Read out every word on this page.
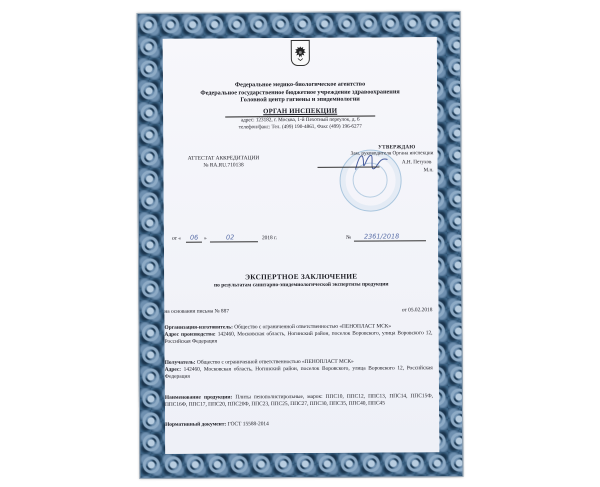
Федеральное медико-биологическое агентство
Федеральное государственное бюджетное учреждение здравоохранения
Головной центр гигиены и эпидемиологии
ОРГАН ИНСПЕКЦИИ
адрес: 123182, г. Москва, 1-й Пехотный переулок, д. 6
телефон/факс: Тел. (499) 190-4861, Факс (499) 196-6277
АТТЕСТАТ АККРЕДИТАЦИИ
№ RA.RU.710138
УТВЕРЖДАЮ
Зам. руководителя Органа инспекции
А.Н. Петухов
М.п.
от « 06 »	02	2018 г.	№ 2361/2018
ЭКСПЕРТНОЕ ЗАКЛЮЧЕНИЕ
по результатам санитарно-эпидемиологической экспертизы продукции
на основании письма № 887	от 05.02.2018
Организация-изготовитель: Общество с ограниченной ответственностью «ПЕНОПЛАСТ МСК»
Адрес производства: 142460, Московская область, Ногинский район, поселок Воровского, улица Воровского 12, Российская Федерация
Получатель: Общество с ограниченной ответственностью «ПЕНОПЛАСТ МСК»
Адрес: 142460, Московская область, Ногинский район, поселок Воровского, улица Воровского 12, Российская Федерация
Наименование продукции: Плиты пенополистирольные, марок: ППС10, ППС12, ППС13, ППС14, ППС15Ф, ППС16Ф, ППС17, ППС20, ППС20Ф, ППС23, ППС25, ППС27, ППС30, ППС35, ППС40, ППС45
Нормативный документ: ГОСТ 15588-2014
